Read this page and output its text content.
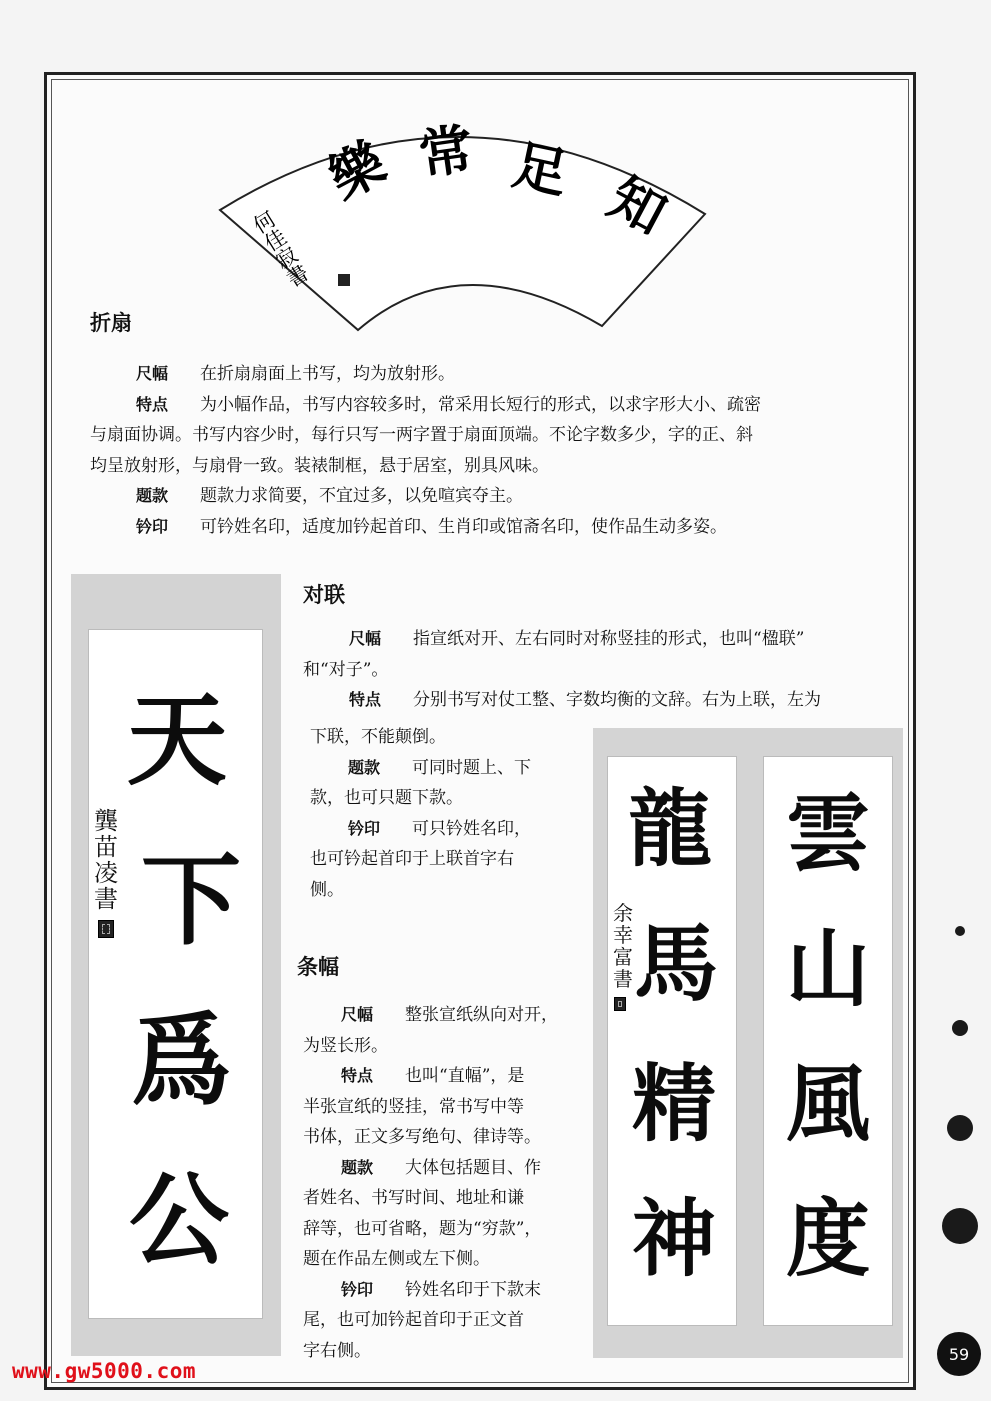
樂 常 足 知
何佳寂書
折扇
尺幅 在折扇扇面上书写，均为放射形。
特点 为小幅作品，书写内容较多时，常采用长短行的形式，以求字形大小、疏密
与扇面协调。书写内容少时，每行只写一两字置于扇面顶端。不论字数多少，字的正、斜
均呈放射形，与扇骨一致。装裱制框，悬于居室，别具风味。
题款 题款力求简要，不宜过多，以免喧宾夺主。
钤印 可钤姓名印，适度加钤起首印、生肖印或馆斋名印，使作品生动多姿。
天
下
爲
公
龔
苗
凌
書
对联
尺幅 指宣纸对开、左右同时对称竖挂的形式，也叫“楹联”
和“对子”。
特点 分别书写对仗工整、字数均衡的文辞。右为上联，左为
下联，不能颠倒。
题款 可同时题上、下
款，也可只题下款。
钤印 可只钤姓名印，
也可钤起首印于上联首字右
侧。
条幅
尺幅 整张宣纸纵向对开，
为竖长形。
特点 也叫“直幅”，是
半张宣纸的竖挂，常书写中等
书体，正文多写绝句、律诗等。
题款 大体包括题目、作
者姓名、书写时间、地址和谦
辞等，也可省略，题为“穷款”，
题在作品左侧或左下侧。
钤印 钤姓名印于下款末
尾，也可加钤起首印于正文首
字右侧。
龍
馬
精
神
余
幸
富
書
雲
山
風
度
59
www.gw5000.com
